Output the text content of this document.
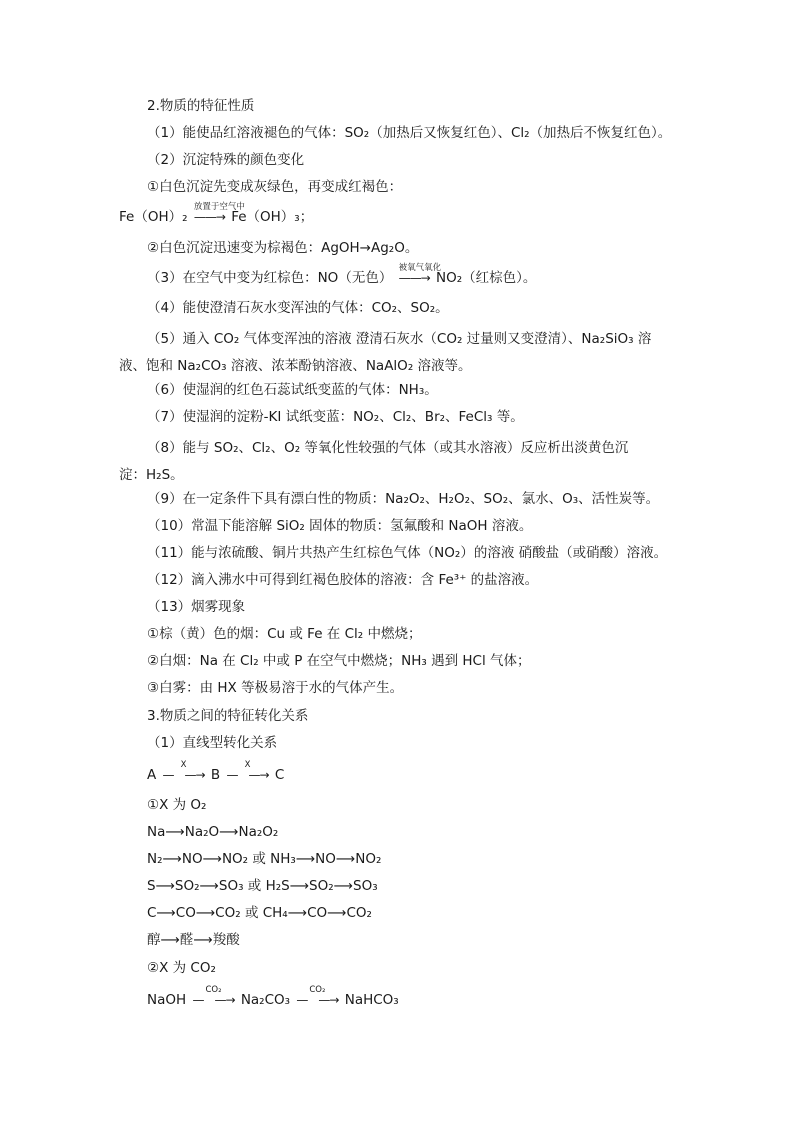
2.物质的特征性质
（1）能使品红溶液褪色的气体：SO₂（加热后又恢复红色）、Cl₂（加热后不恢复红色）。
（2）沉淀特殊的颜色变化
①白色沉淀先变成灰绿色，再变成红褐色：
Fe（OH）₂
放置于空气中
——→ Fe（OH）₃；
②白色沉淀迅速变为棕褐色：AgOH→Ag₂O。
（3）在空气中变为红棕色：NO（无色）
被氧气氧化
——→ NO₂（红棕色）。
（4）能使澄清石灰水变浑浊的气体：CO₂、SO₂。
（5）通入 CO₂ 气体变浑浊的溶液 澄清石灰水（CO₂ 过量则又变澄清）、Na₂SiO₃ 溶液、饱和 Na₂CO₃ 溶液、浓苯酚钠溶液、NaAlO₂ 溶液等。
（6）使湿润的红色石蕊试纸变蓝的气体：NH₃。
（7）使湿润的淀粉-KI 试纸变蓝：NO₂、Cl₂、Br₂、FeCl₃ 等。
（8）能与 SO₂、Cl₂、O₂ 等氧化性较强的气体（或其水溶液）反应析出淡黄色沉淀：H₂S。
（9）在一定条件下具有漂白性的物质：Na₂O₂、H₂O₂、SO₂、氯水、O₃、活性炭等。
（10）常温下能溶解 SiO₂ 固体的物质：氢氟酸和 NaOH 溶液。
（11）能与浓硫酸、铜片共热产生红棕色气体（NO₂）的溶液 硝酸盐（或硝酸）溶液。
（12）滴入沸水中可得到红褐色胶体的溶液：含 Fe³⁺ 的盐溶液。
（13）烟雾现象
①棕（黄）色的烟：Cu 或 Fe 在 Cl₂ 中燃烧；
②白烟：Na 在 Cl₂ 中或 P 在空气中燃烧；NH₃ 遇到 HCl 气体；
③白雾：由 HX 等极易溶于水的气体产生。
3.物质之间的特征转化关系
（1）直线型转化关系
A
X
—　—→ B
X
—　—→ C
①X 为 O₂
Na⟶Na₂O⟶Na₂O₂
N₂⟶NO⟶NO₂ 或 NH₃⟶NO⟶NO₂
S⟶SO₂⟶SO₃ 或 H₂S⟶SO₂⟶SO₃
C⟶CO⟶CO₂ 或 CH₄⟶CO⟶CO₂
醇⟶醛⟶羧酸
②X 为 CO₂
NaOH
CO₂
—　—→ Na₂CO₃
CO₂
—　—→ NaHCO₃
